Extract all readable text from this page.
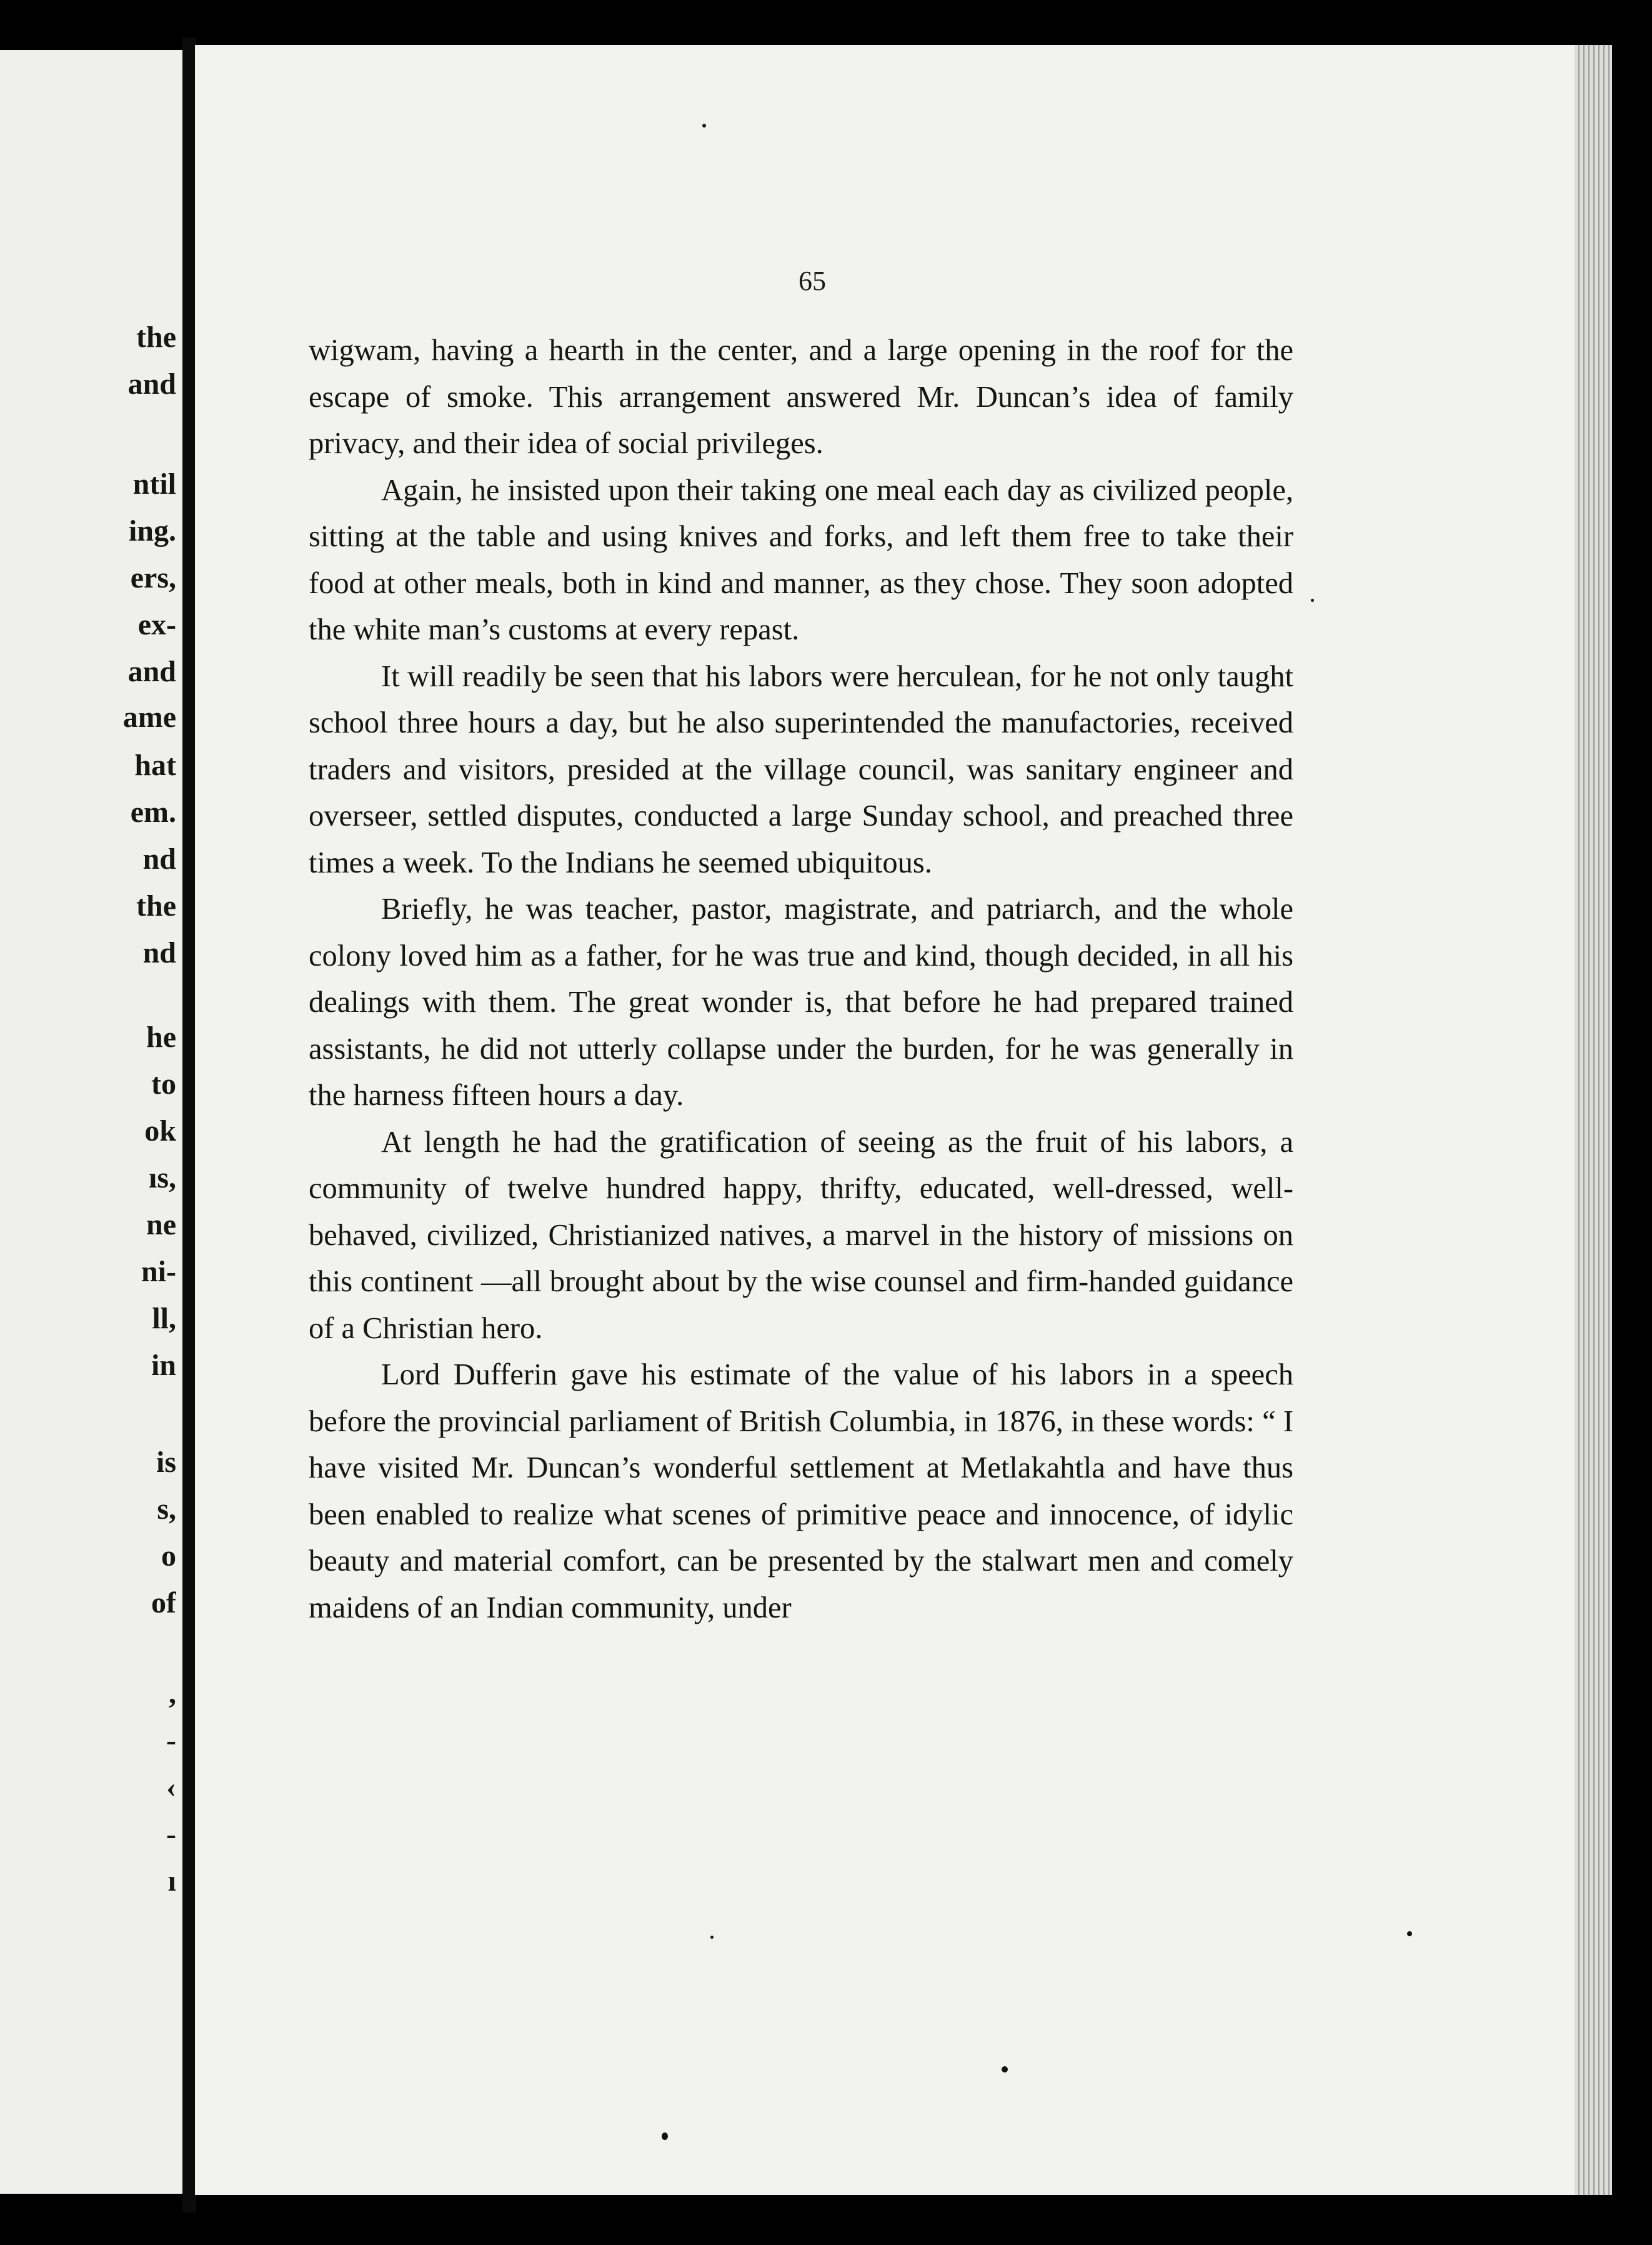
the
and
ntil
ing.
ers,
ex-
and
ame
hat
em.
nd
the
nd
he
to
ok
ıs,
ne
ni-
ll,
in
is
s,
o
of
,
-
‹
-
ı
65

wigwam, having a hearth in the center, and a large opening in the roof for the escape of smoke. This arrangement answered Mr. Duncan’s idea of family privacy, and their idea of social privileges.

Again, he insisted upon their taking one meal each day as civilized people, sitting at the table and using knives and forks, and left them free to take their food at other meals, both in kind and manner, as they chose. They soon adopted the white man’s customs at every repast.

It will readily be seen that his labors were herculean, for he not only taught school three hours a day, but he also superintended the manufactories, received traders and visitors, presided at the village council, was sanitary engineer and overseer, settled disputes, conducted a large Sunday school, and preached three times a week. To the Indians he seemed ubiquitous.

Briefly, he was teacher, pastor, magistrate, and patriarch, and the whole colony loved him as a father, for he was true and kind, though decided, in all his dealings with them. The great wonder is, that before he had prepared trained assistants, he did not utterly collapse under the burden, for he was generally in the harness fifteen hours a day.

At length he had the gratification of seeing as the fruit of his labors, a community of twelve hundred happy, thrifty, educated, well-dressed, well-behaved, civilized, Christianized natives, a marvel in the history of missions on this continent —all brought about by the wise counsel and firm-handed guidance of a Christian hero.

Lord Dufferin gave his estimate of the value of his labors in a speech before the provincial parliament of British Columbia, in 1876, in these words: “ I have visited Mr. Duncan’s wonderful settlement at Metlakahtla and have thus been enabled to realize what scenes of primitive peace and innocence, of idylic beauty and material comfort, can be presented by the stalwart men and comely maidens of an Indian community, under
